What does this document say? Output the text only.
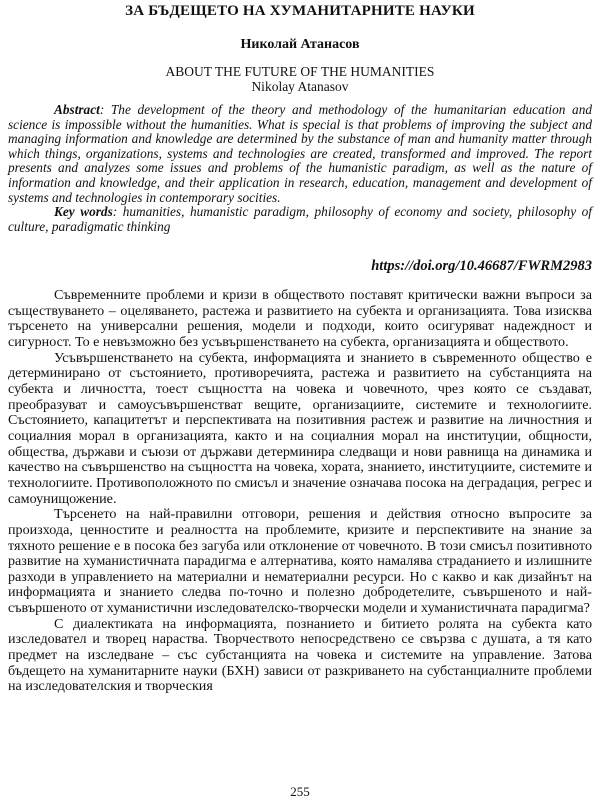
ЗА БЪДЕЩЕТО НА ХУМАНИТАРНИТЕ НАУКИ
Николай Атанасов
ABOUT THE FUTURE OF THE HUMANITIES
Nikolay Atanasov
Abstract: The development of the theory and methodology of the humanitarian education and science is impossible without the humanities. What is special is that problems of improving the subject and managing information and knowledge are determined by the substance of man and humanity matter through which things, organizations, systems and technologies are created, transformed and improved. The report presents and analyzes some issues and problems of the humanistic paradigm, as well as the nature of information and knowledge, and their application in research, education, management and development of systems and technologies in contemporary socities.
Key words: humanities, humanistic paradigm, philosophy of economy and society, philosophy of culture, paradigmatic thinking
https://doi.org/10.46687/FWRM2983

Съвременните проблеми и кризи в обществото поставят критически важни въпроси за съществуването – оцеляването, растежа и развитието на субекта и организацията. Това изисква търсенето на универсални решения, модели и подходи, които осигуряват надеждност и сигурност. То е невъзможно без усъвършенстването на субекта, организацията и обществото.

Усъвършенстването на субекта, информацията и знанието в съвременното общество е детерминирано от състоянието, противоречията, растежа и развитието на субстанцията на субекта и личността, тоест същността на човека и човечното, чрез която се създават, преобразуват и самоусъвършенстват вещите, организациите, системите и технологиите. Състоянието, капацитетът и перспективата на позитивния растеж и развитие на личностния и социалния морал в организацията, както и на социалния морал на институции, общности, общества, държави и съюзи от държави детерминира следващи и нови равнища на динамика и качество на съвършенство на същността на човека, хората, знанието, институциите, системите и технологиите. Противоположното по смисъл и значение означава посока на деградация, регрес и самоунищожение.

Търсенето на най-правилни отговори, решения и действия относно въпросите за произхода, ценностите и реалността на проблемите, кризите и перспективите на знание за тяхното решение е в посока без загуба или отклонение от човечното. В този смисъл позитивното развитие на хуманистичната парадигма е алтернатива, която намалява страданието и излишните разходи в управлението на материални и нематериални ресурси. Но с какво и как дизайнът на информацията и знанието следва по-точно и полезно добродетелите, съвършеното и най-съвършеното от хуманистични изследователско-творчески модели и хуманистичната парадигма?

С диалектиката на информацията, познанието и битието ролята на субекта като изследовател и творец нараства. Творчеството непосредствено се свързва с душата, а тя като предмет на изследване – със субстанцията на човека и системите на управление. Затова бъдещето на хуманитарните науки (БХН) зависи от разкриването на субстанциалните проблеми на изследователския и творческия

255
